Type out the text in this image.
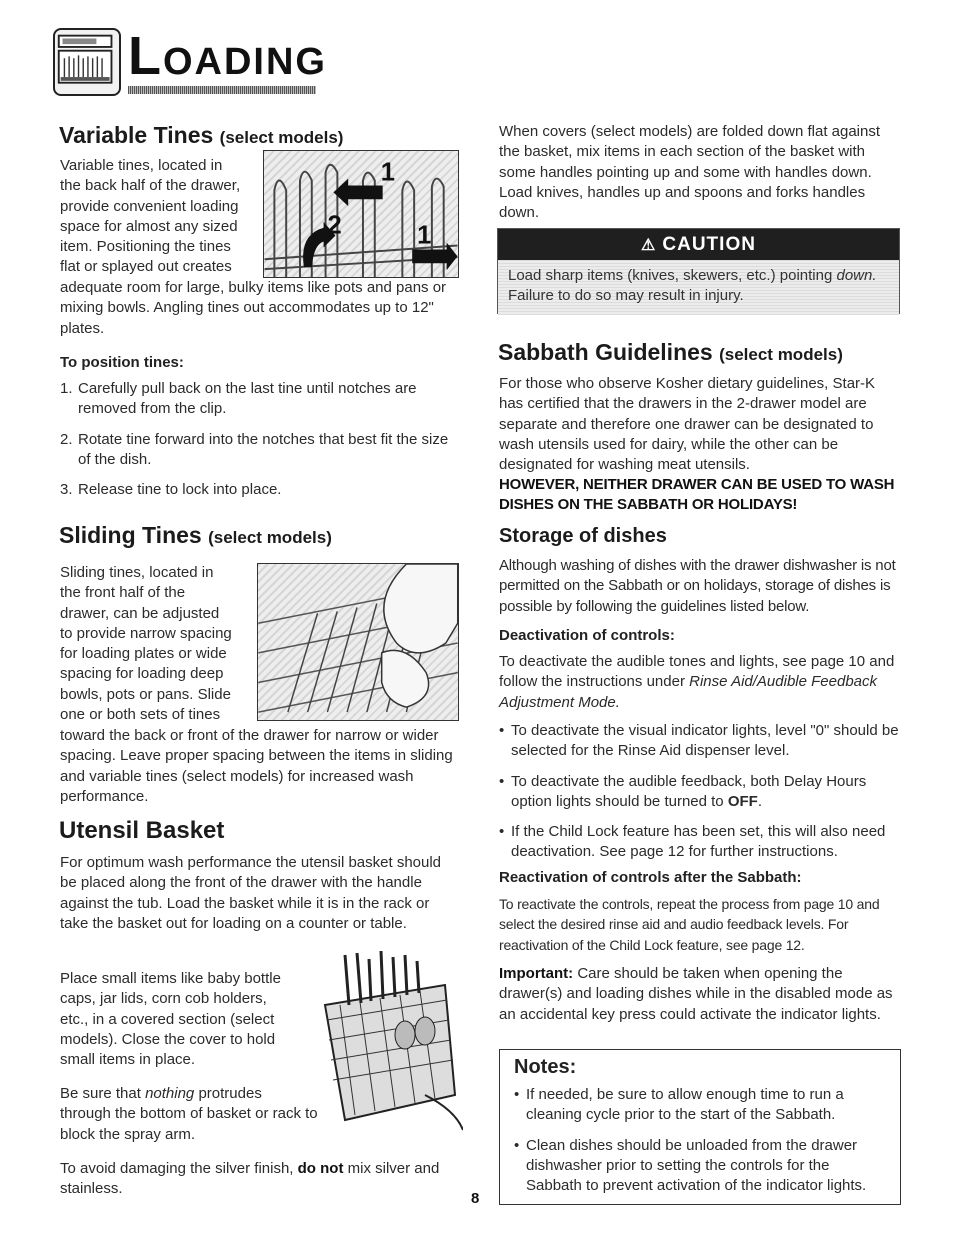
Loading
Variable Tines (select models)
Variable tines, located in
the back half of the drawer,
provide convenient loading
space for almost any sized
item. Positioning the tines
flat or splayed out creates
1
2	1
adequate room for large, bulky items like pots and pans or mixing bowls. Angling tines out accommodates up to 12" plates.
To position tines:
1. Carefully pull back on the last tine until notches are removed from the clip.
2. Rotate tine forward into the notches that best fit the size of the dish.
3. Release tine to lock into place.
Sliding Tines (select models)
Sliding tines, located in
the front half of the
drawer, can be adjusted
to provide narrow spacing
for loading plates or wide
spacing for loading deep
bowls, pots or pans. Slide
one or both sets of tines
toward the back or front of the drawer for narrow or wider spacing. Leave proper spacing between the items in sliding and variable tines (select models) for increased wash performance.
Utensil Basket
For optimum wash performance the utensil basket should be placed along the front of the drawer with the handle against the tub. Load the basket while it is in the rack or take the basket out for loading on a counter or table.
Place small items like baby bottle
caps, jar lids, corn cob holders,
etc., in a covered section (select
models). Close the cover to hold
small items in place.
Be sure that nothing protrudes
through the bottom of basket or rack to
block the spray arm.
To avoid damaging the silver finish, do not mix silver and stainless.
8
When covers (select models) are folded down flat against the basket, mix items in each section of the basket with some handles pointing up and some with handles down. Load knives, handles up and spoons and forks handles down.
⚠ CAUTION
Load sharp items (knives, skewers, etc.) pointing down. Failure to do so may result in injury.
Sabbath Guidelines (select models)
For those who observe Kosher dietary guidelines, Star-K has certified that the drawers in the 2-drawer model are separate and therefore one drawer can be designated to wash utensils used for dairy, while the other can be designated for washing meat utensils.
HOWEVER, NEITHER DRAWER CAN BE USED TO WASH DISHES ON THE SABBATH OR HOLIDAYS!
Storage of dishes
Although washing of dishes with the drawer dishwasher is not permitted on the Sabbath or on holidays, storage of dishes is possible by following the guidelines listed below.
Deactivation of controls:
To deactivate the audible tones and lights, see page 10 and follow the instructions under Rinse Aid/Audible Feedback Adjustment Mode.
• To deactivate the visual indicator lights, level "0" should be selected for the Rinse Aid dispenser level.
• To deactivate the audible feedback, both Delay Hours option lights should be turned to OFF.
• If the Child Lock feature has been set, this will also need deactivation. See page 12 for further instructions.
Reactivation of controls after the Sabbath:
To reactivate the controls, repeat the process from page 10 and select the desired rinse aid and audio feedback levels. For reactivation of the Child Lock feature, see page 12.
Important: Care should be taken when opening the drawer(s) and loading dishes while in the disabled mode as an accidental key press could activate the indicator lights.
Notes:
• If needed, be sure to allow enough time to run a cleaning cycle prior to the start of the Sabbath.
• Clean dishes should be unloaded from the drawer dishwasher prior to setting the controls for the Sabbath to prevent activation of the indicator lights.
